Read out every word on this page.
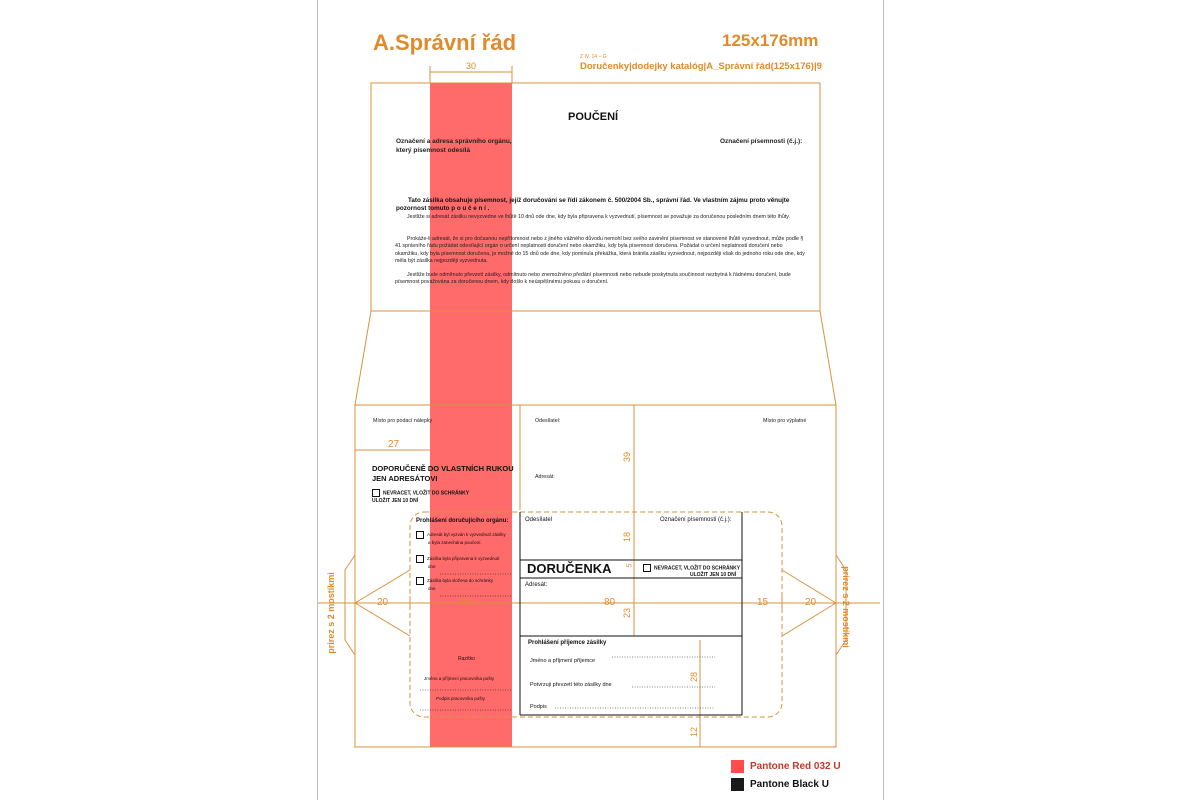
A.Správní řád	125x176mm
Z IV. 14 – G
Doručenky|dodejky katalóg|A_Správní řád(125x176)|9
30
27
39
18
5
23
28
12
20	41	80	15	20
prirez s 2 mostíkmi	prirez s 2 mostíkmi
POUČENÍ
Označení a adresa správního orgánu,
který písemnost odesílá
Označení písemnosti (č.j.):
Tato zásilka obsahuje písemnost, jejíž doručování se řídí zákonem č. 500/2004 Sb., správní řád. Ve vlastním zájmu proto věnujte
pozornost tomuto p o u č e n í .
Jestliže si adresát zásilku nevyzvedne ve lhůtě 10 dnů ode dne, kdy byla připravena k vyzvednutí, písemnost se považuje za doručenou posledním dnem této lhůty.
Prokáže-li adresát, že si pro dočasnou nepřítomnost nebo z jiného vážného důvodu nemohl bez svého zavinění písemnost ve stanovené lhůtě vyzvednout, může podle § 41 správního řádu požádat odesílající orgán o určení neplatnosti doručení nebo okamžiku, kdy byla písemnost doručena. Požádat o určení neplatnosti doručení nebo okamžiku, kdy byla písemnost doručena, je možné do 15 dnů ode dne, kdy pominula překážka, která bránila zásilku vyzvednout, nejpozději však do jednoho roku ode dne, kdy měla být zásilka nejpozději vyzvednuta.
Jestliže bude odmítnuto převzetí zásilky, odmítnuto nebo znemožněno předání písemnosti nebo nebude poskytnuta součinnost nezbytná k řádnému doručení, bude písemnost považována za doručenou dnem, kdy došlo k neúspěšnému pokusu o doručení.
Místo pro podací nálepky	Odesílatel:	Místo pro výplatné
DOPORUČENĚ DO VLASTNÍCH RUKOU
JEN ADRESÁTOVI
NEVRACET, VLOŽIT DO SCHRÁNKY
ULOŽIT JEN 10 DNÍ
Adresát:
Prohlášení doručujícího orgánu:
Adresát byl vyzván k vyzvednutí zásilky
a byla zanechána poučení.
Zásilka byla připravena k vyzvednutí
dne
Zásilka byla vložena do schránky
dne
Razítko
Jméno a příjmení pracovníka pošty
Podpis pracovníka pošty
Odesílatel	Označení písemnosti (č.j.):
DORUČENKA	NEVRACET, VLOŽIT DO SCHRÁNKY
ULOŽIT JEN 10 DNÍ
Adresát:
Prohlášení příjemce zásilky
Jméno a příjmení příjemce
Potvrzuji převzetí této zásilky dne
Podpis
Pantone Red 032 U
Pantone Black U
